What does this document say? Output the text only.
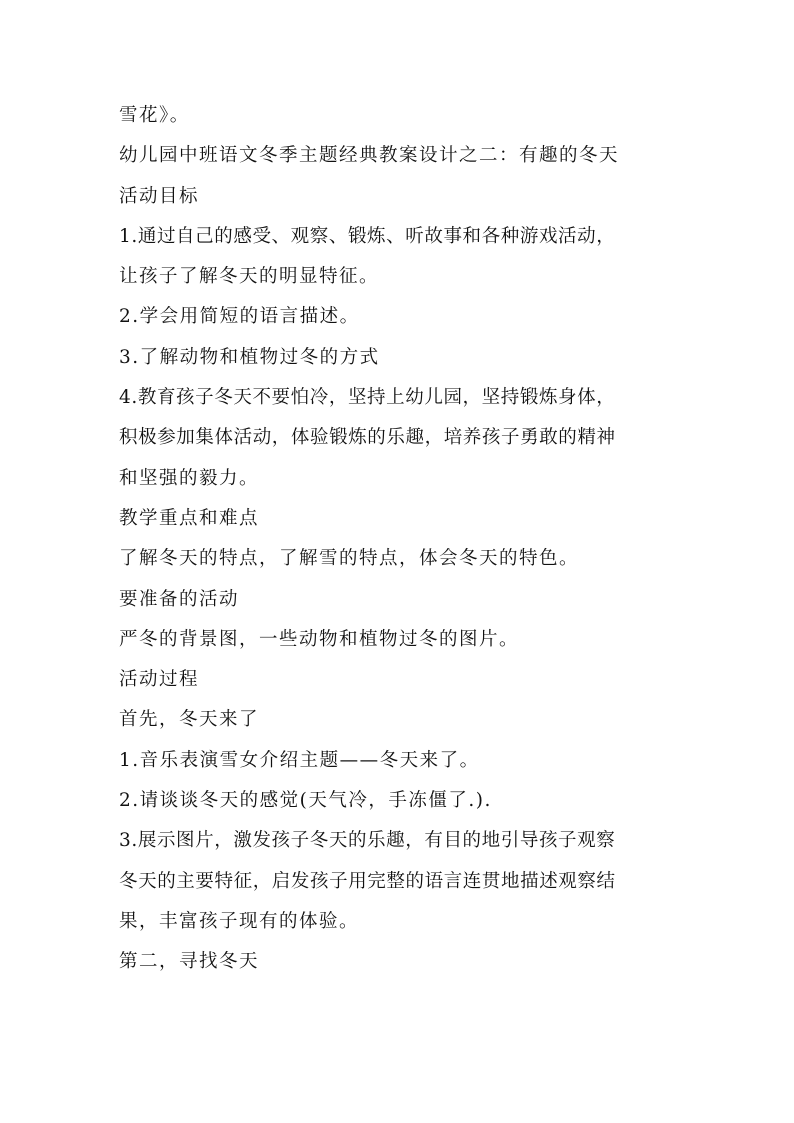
雪花》。
幼儿园中班语文冬季主题经典教案设计之二：有趣的冬天
活动目标
1.通过自己的感受、观察、锻炼、听故事和各种游戏活动，
让孩子了解冬天的明显特征。
2.学会用简短的语言描述。
3.了解动物和植物过冬的方式
4.教育孩子冬天不要怕冷，坚持上幼儿园，坚持锻炼身体，
积极参加集体活动，体验锻炼的乐趣，培养孩子勇敢的精神
和坚强的毅力。
教学重点和难点
了解冬天的特点，了解雪的特点，体会冬天的特色。
要准备的活动
严冬的背景图，一些动物和植物过冬的图片。
活动过程
首先，冬天来了
1.音乐表演雪女介绍主题——冬天来了。
2.请谈谈冬天的感觉(天气冷，手冻僵了.).
3.展示图片，激发孩子冬天的乐趣，有目的地引导孩子观察
冬天的主要特征，启发孩子用完整的语言连贯地描述观察结
果，丰富孩子现有的体验。
第二，寻找冬天
